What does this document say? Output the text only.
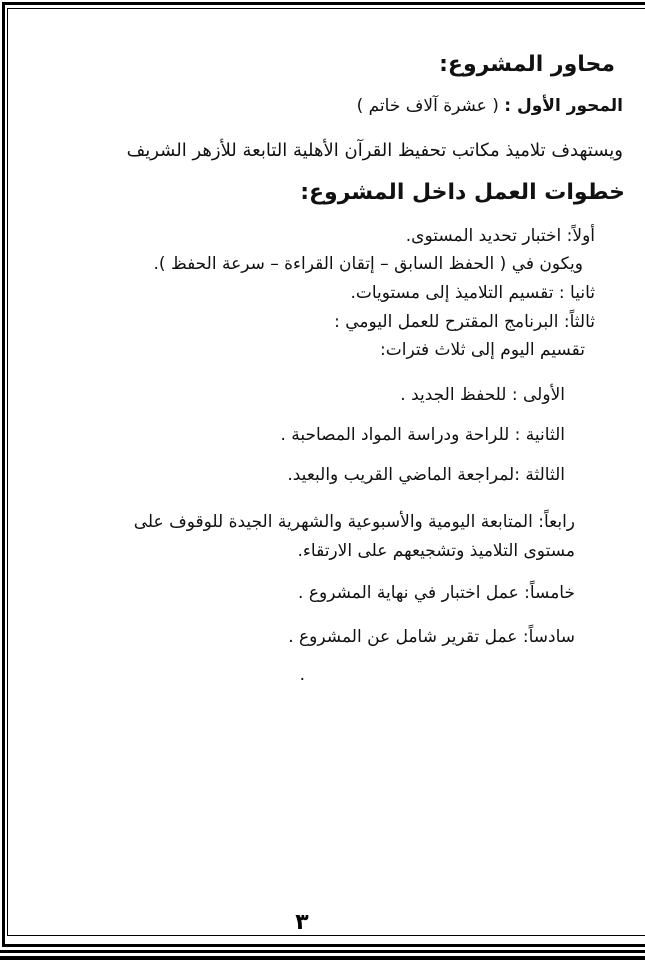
محاور المشروع:
المحور الأول : ( عشرة آلاف خاتم )
ويستهدف تلاميذ مكاتب تحفيظ القرآن الأهلية التابعة للأزهر الشريف
خطوات العمل داخل المشروع:
أولاً: اختبار تحديد المستوى.
ويكون في ( الحفظ السابق – إتقان القراءة – سرعة الحفظ ).
ثانيا : تقسيم التلاميذ إلى مستويات.
ثالثاً: البرنامج المقترح للعمل اليومي :
تقسيم اليوم إلى ثلاث فترات:
الأولى : للحفظ الجديد .
الثانية : للراحة ودراسة المواد المصاحبة .
الثالثة :لمراجعة الماضي القريب والبعيد.
رابعاً: المتابعة اليومية والأسبوعية والشهرية الجيدة للوقوف على
مستوى التلاميذ وتشجيعهم على الارتقاء.
خامساً: عمل اختبار في نهاية المشروع .
سادساً: عمل تقرير شامل عن المشروع .
.
٣
